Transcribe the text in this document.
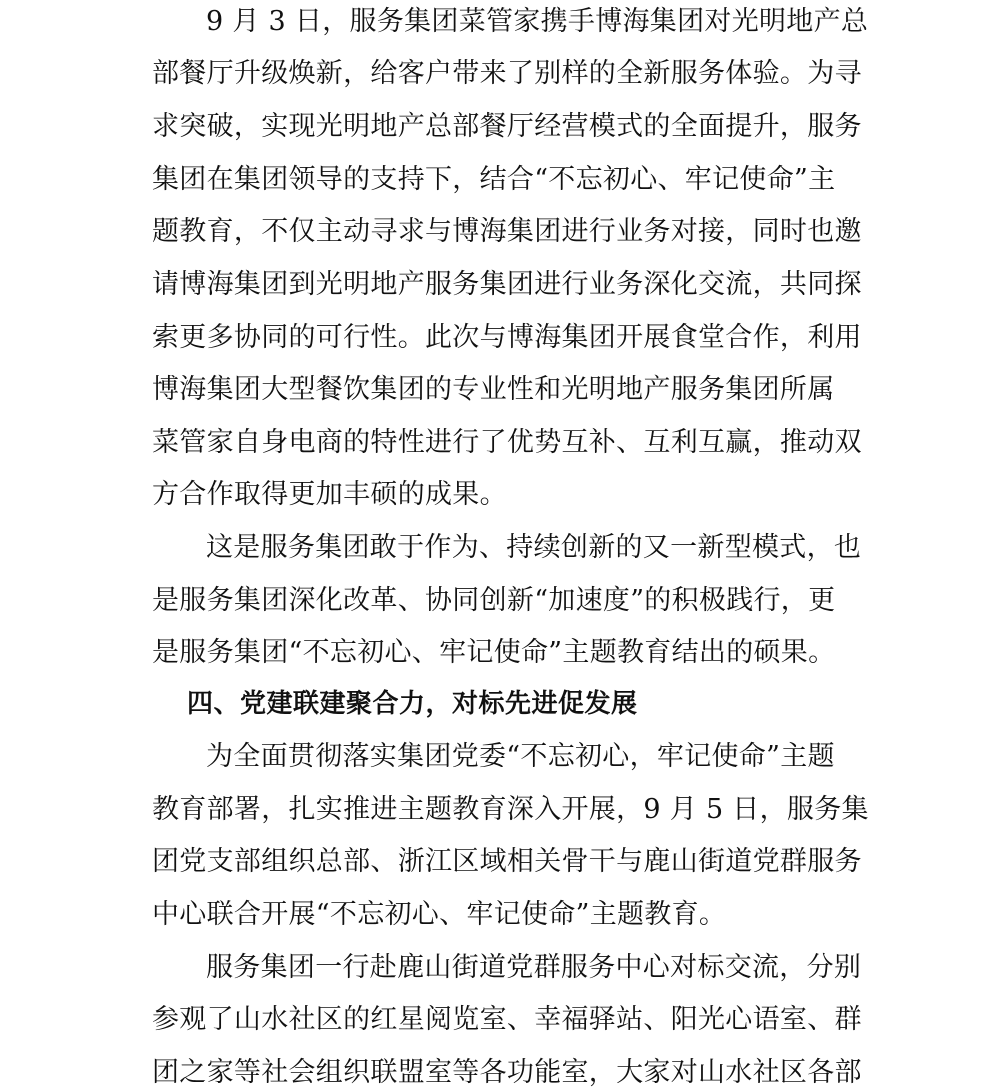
9 月 3 日，服务集团菜管家携手博海集团对光明地产总
部餐厅升级焕新，给客户带来了别样的全新服务体验。为寻
求突破，实现光明地产总部餐厅经营模式的全面提升，服务
集团在集团领导的支持下，结合“不忘初心、牢记使命”主
题教育，不仅主动寻求与博海集团进行业务对接，同时也邀
请博海集团到光明地产服务集团进行业务深化交流，共同探
索更多协同的可行性。此次与博海集团开展食堂合作，利用
博海集团大型餐饮集团的专业性和光明地产服务集团所属
菜管家自身电商的特性进行了优势互补、互利互赢，推动双
方合作取得更加丰硕的成果。
这是服务集团敢于作为、持续创新的又一新型模式，也
是服务集团深化改革、协同创新“加速度”的积极践行，更
是服务集团“不忘初心、牢记使命”主题教育结出的硕果。
四、党建联建聚合力，对标先进促发展
为全面贯彻落实集团党委“不忘初心，牢记使命”主题
教育部署，扎实推进主题教育深入开展，9 月 5 日，服务集
团党支部组织总部、浙江区域相关骨干与鹿山街道党群服务
中心联合开展“不忘初心、牢记使命”主题教育。
服务集团一行赴鹿山街道党群服务中心对标交流，分别
参观了山水社区的红星阅览室、幸福驿站、阳光心语室、群
团之家等社会组织联盟室等各功能室，大家对山水社区各部
